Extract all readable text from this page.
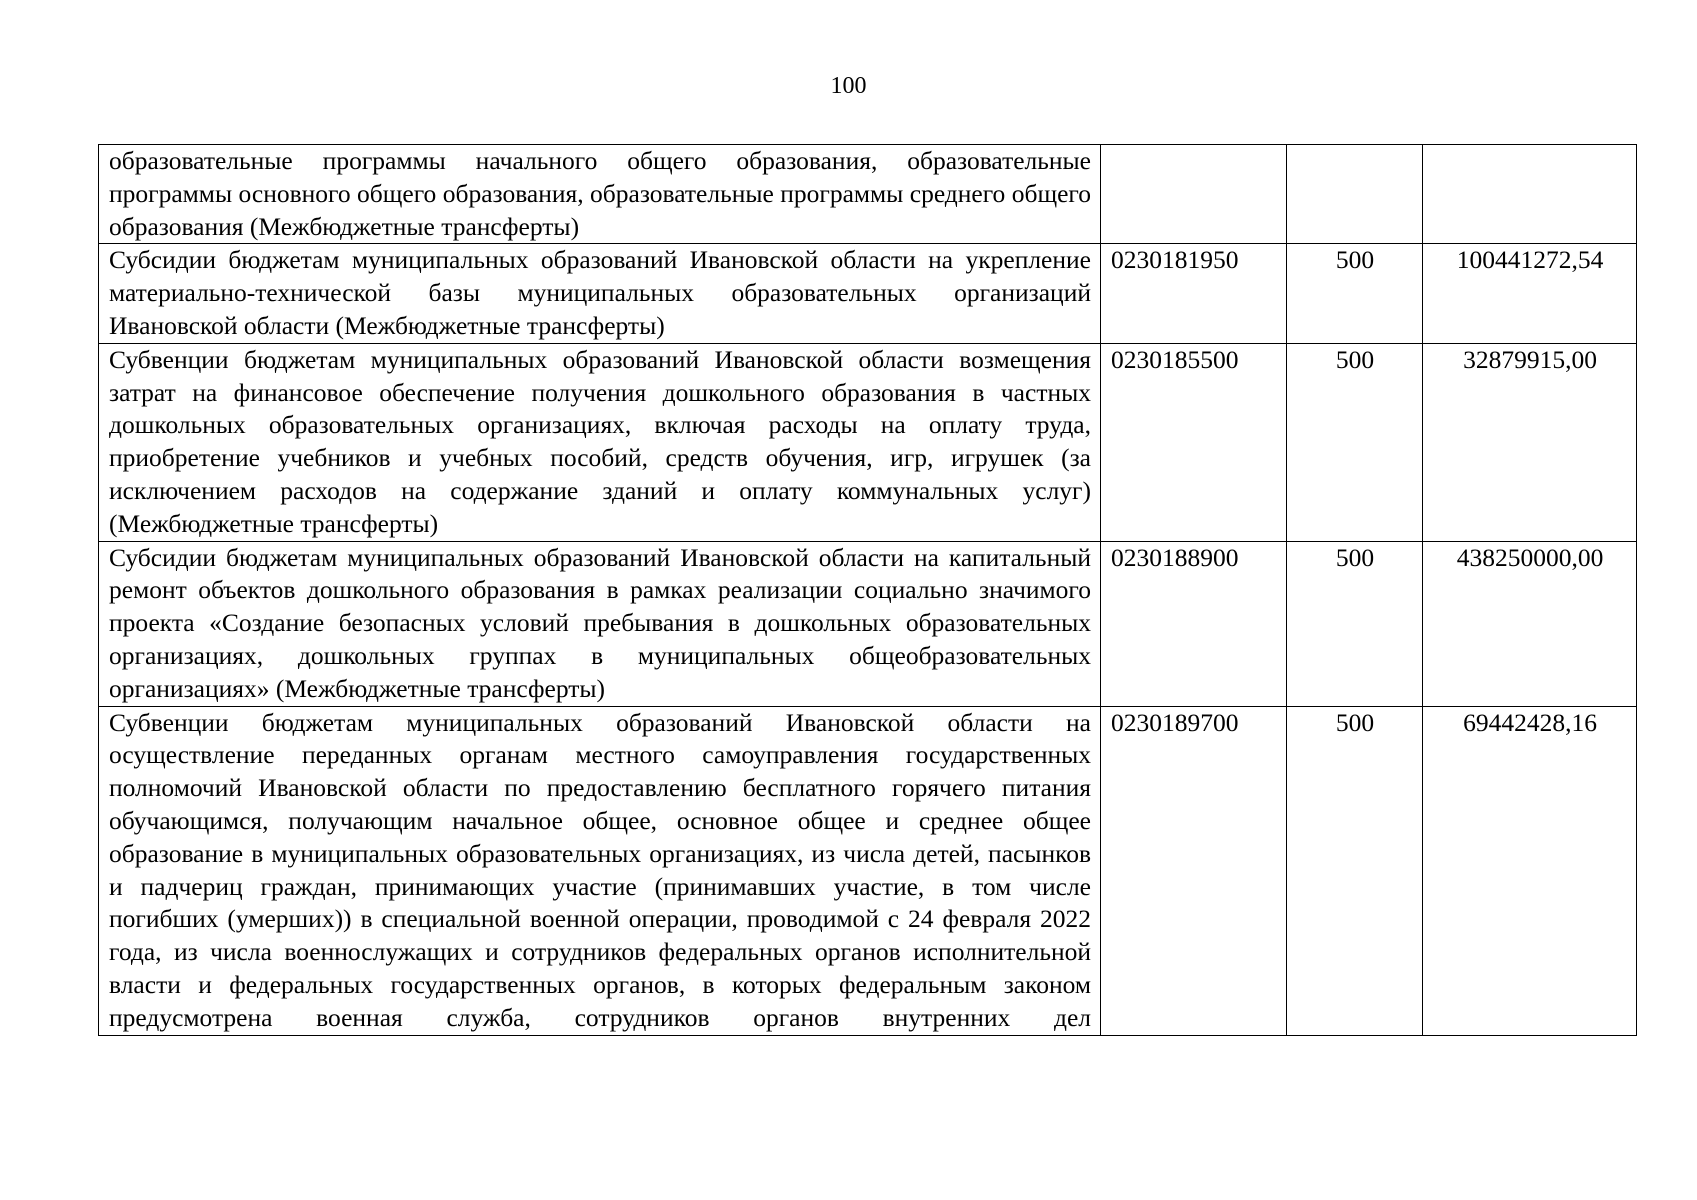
100
образовательные программы начального общего образования, образовательные программы основного общего образования, образовательные программы среднего общего образования (Межбюджетные трансферты)			
Субсидии бюджетам муниципальных образований Ивановской области на укрепление материально-технической базы муниципальных образовательных организаций Ивановской области (Межбюджетные трансферты)	0230181950	500	100441272,54
Субвенции бюджетам муниципальных образований Ивановской области возмещения затрат на финансовое обеспечение получения дошкольного образования в частных дошкольных образовательных организациях, включая расходы на оплату труда, приобретение учебников и учебных пособий, средств обучения, игр, игрушек (за исключением расходов на содержание зданий и оплату коммунальных услуг) (Межбюджетные трансферты)	0230185500	500	32879915,00
Субсидии бюджетам муниципальных образований Ивановской области на капитальный ремонт объектов дошкольного образования в рамках реализации социально значимого проекта «Создание безопасных условий пребывания в дошкольных образовательных организациях, дошкольных группах в муниципальных общеобразовательных организациях» (Межбюджетные трансферты)	0230188900	500	438250000,00
Субвенции бюджетам муниципальных образований Ивановской области на осуществление переданных органам местного самоуправления государственных полномочий Ивановской области по предоставлению бесплатного горячего питания обучающимся, получающим начальное общее, основное общее и среднее общее образование в муниципальных образовательных организациях, из числа детей, пасынков и падчериц граждан, принимающих участие (принимавших участие, в том числе погибших (умерших)) в специальной военной операции, проводимой с 24 февраля 2022 года, из числа военнослужащих и сотрудников федеральных органов исполнительной власти и федеральных государственных органов, в которых федеральным законом предусмотрена военная служба, сотрудников органов внутренних дел	0230189700	500	69442428,16
